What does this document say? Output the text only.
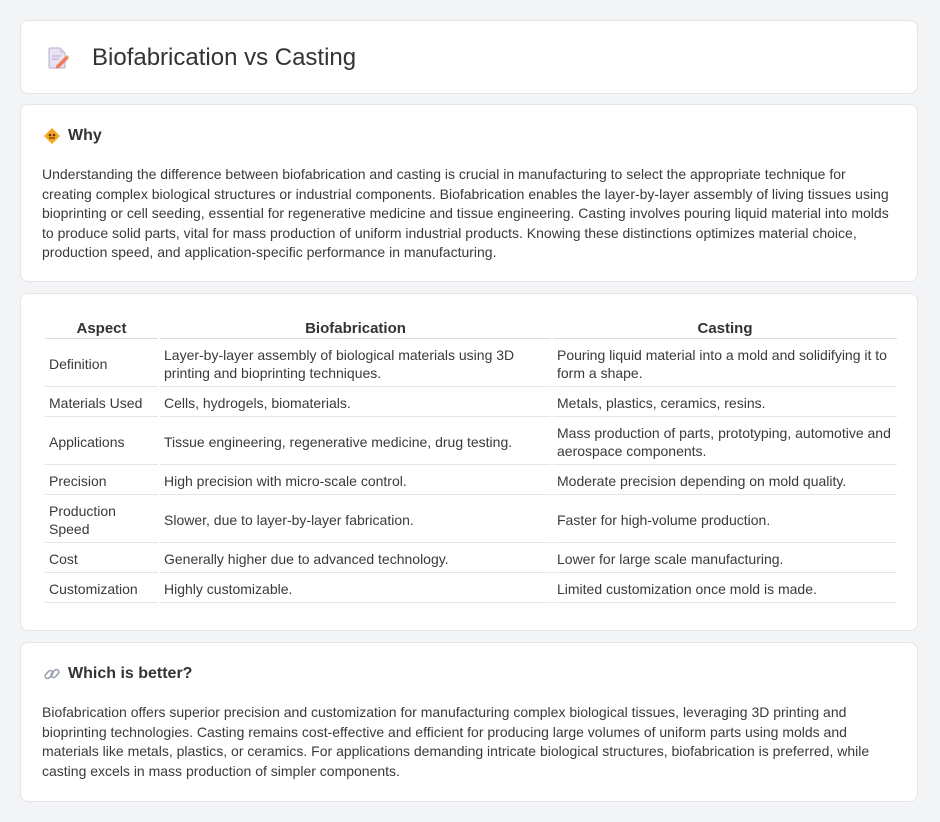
Biofabrication vs Casting
Why

Understanding the difference between biofabrication and casting is crucial in manufacturing to select the appropriate technique for creating complex biological structures or industrial components. Biofabrication enables the layer-by-layer assembly of living tissues using bioprinting or cell seeding, essential for regenerative medicine and tissue engineering. Casting involves pouring liquid material into molds to produce solid parts, vital for mass production of uniform industrial products. Knowing these distinctions optimizes material choice, production speed, and application-specific performance in manufacturing.

Aspect	Biofabrication	Casting
Definition	Layer-by-layer assembly of biological materials using 3D printing and bioprinting techniques.	Pouring liquid material into a mold and solidifying it to form a shape.
Materials Used	Cells, hydrogels, biomaterials.	Metals, plastics, ceramics, resins.
Applications	Tissue engineering, regenerative medicine, drug testing.	Mass production of parts, prototyping, automotive and aerospace components.
Precision	High precision with micro-scale control.	Moderate precision depending on mold quality.
Production Speed	Slower, due to layer-by-layer fabrication.	Faster for high-volume production.
Cost	Generally higher due to advanced technology.	Lower for large scale manufacturing.
Customization	Highly customizable.	Limited customization once mold is made.
Which is better?

Biofabrication offers superior precision and customization for manufacturing complex biological tissues, leveraging 3D printing and bioprinting technologies. Casting remains cost-effective and efficient for producing large volumes of uniform parts using molds and materials like metals, plastics, or ceramics. For applications demanding intricate biological structures, biofabrication is preferred, while casting excels in mass production of simpler components.
